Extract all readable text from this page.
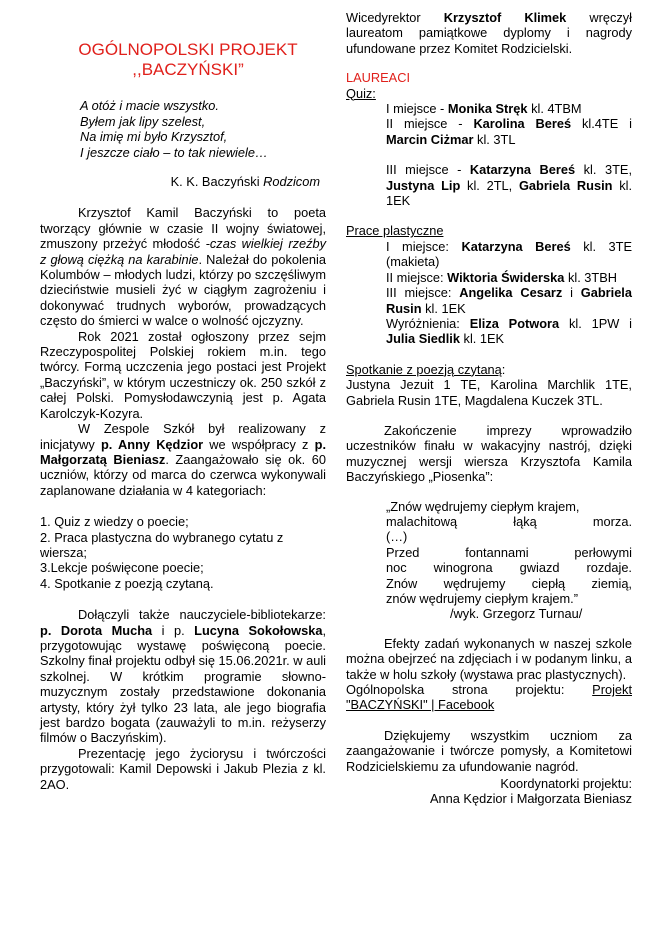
OGÓLNOPOLSKI PROJEKT
,,BACZYŃSKI”

A otóż i macie wszystko.

Byłem jak lipy szelest,

Na imię mi było Krzysztof,

I jeszcze ciało – to tak niewiele…

K. K. Baczyński Rodzicom

Krzysztof Kamil Baczyński to poeta tworzący głównie w czasie II wojny światowej, zmuszony przeżyć młodość -czas wielkiej rzeźby z głową ciężką na karabinie. Należał do pokolenia Kolumbów – młodych ludzi, którzy po szczęśliwym dzieciństwie musieli żyć w ciągłym zagrożeniu i dokonywać trudnych wyborów, prowadzących często do śmierci w walce o wolność ojczyzny.

Rok 2021 został ogłoszony przez sejm Rzeczypospolitej Polskiej rokiem m.in. tego twórcy. Formą uczczenia jego postaci jest Projekt „Baczyński”, w którym uczestniczy ok. 250 szkół z całej Polski. Pomysłodawczynią jest p. Agata Karolczyk-Kozyra.

W Zespole Szkół był realizowany z inicjatywy p. Anny Kędzior we współpracy z p. Małgorzatą Bieniasz. Zaangażowało się ok. 60 uczniów, którzy od marca do czerwca wykonywali zaplanowane działania w 4 kategoriach:

1. Quiz z wiedzy o poecie;

2. Praca plastyczna do wybranego cytatu z wiersza;

3.Lekcje poświęcone poecie;

4. Spotkanie z poezją czytaną.

Dołączyli także nauczyciele-bibliotekarze: p. Dorota Mucha i p. Lucyna Sokołowska, przygotowując wystawę poświęconą poecie. Szkolny finał projektu odbył się 15.06.2021r. w auli szkolnej. W krótkim programie słowno-muzycznym zostały przedstawione dokonania artysty, który żył tylko 23 lata, ale jego biografia jest bardzo bogata (zauważyli to m.in. reżyserzy filmów o Baczyńskim).

Prezentację jego życiorysu i twórczości przygotowali: Kamil Depowski i Jakub Plezia z kl. 2AO.

Wicedyrektor Krzysztof Klimek wręczył laureatom pamiątkowe dyplomy i nagrody ufundowane przez Komitet Rodzicielski.

LAUREACI

Quiz:

I miejsce - Monika Stręk kl. 4TBM

II miejsce - Karolina Bereś kl.4TE i Marcin Ciżmar kl. 3TL

III miejsce - Katarzyna Bereś kl. 3TE, Justyna Lip kl. 2TL, Gabriela Rusin kl. 1EK

Prace plastyczne

I miejsce: Katarzyna Bereś kl. 3TE (makieta)

II miejsce: Wiktoria Świderska kl. 3TBH

III miejsce: Angelika Cesarz i Gabriela Rusin kl. 1EK

Wyróżnienia: Eliza Potwora kl. 1PW i Julia Siedlik kl. 1EK

Spotkanie z poezją czytaną:

Justyna Jezuit 1 TE, Karolina Marchlik 1TE, Gabriela Rusin 1TE, Magdalena Kuczek 3TL.

Zakończenie imprezy wprowadziło uczestników finału w wakacyjny nastrój, dzięki muzycznej wersji wiersza Krzysztofa Kamila Baczyńskiego „Piosenka”:

„Znów wędrujemy ciepłym krajem,

malachitową łąką morza.

(…)

Przed fontannami perłowymi

noc winogrona gwiazd rozdaje.

Znów wędrujemy ciepłą ziemią,

znów wędrujemy ciepłym krajem.”

/wyk. Grzegorz Turnau/

Efekty zadań wykonanych w naszej szkole można obejrzeć na zdjęciach i w podanym linku, a także w holu szkoły (wystawa prac plastycznych).

Ogólnopolska strona projektu: Projekt "BACZYŃSKI" | Facebook

Dziękujemy wszystkim uczniom za zaangażowanie i twórcze pomysły, a Komitetowi Rodzicielskiemu za ufundowanie nagród.

Koordynatorki projektu:

Anna Kędzior i Małgorzata Bieniasz
